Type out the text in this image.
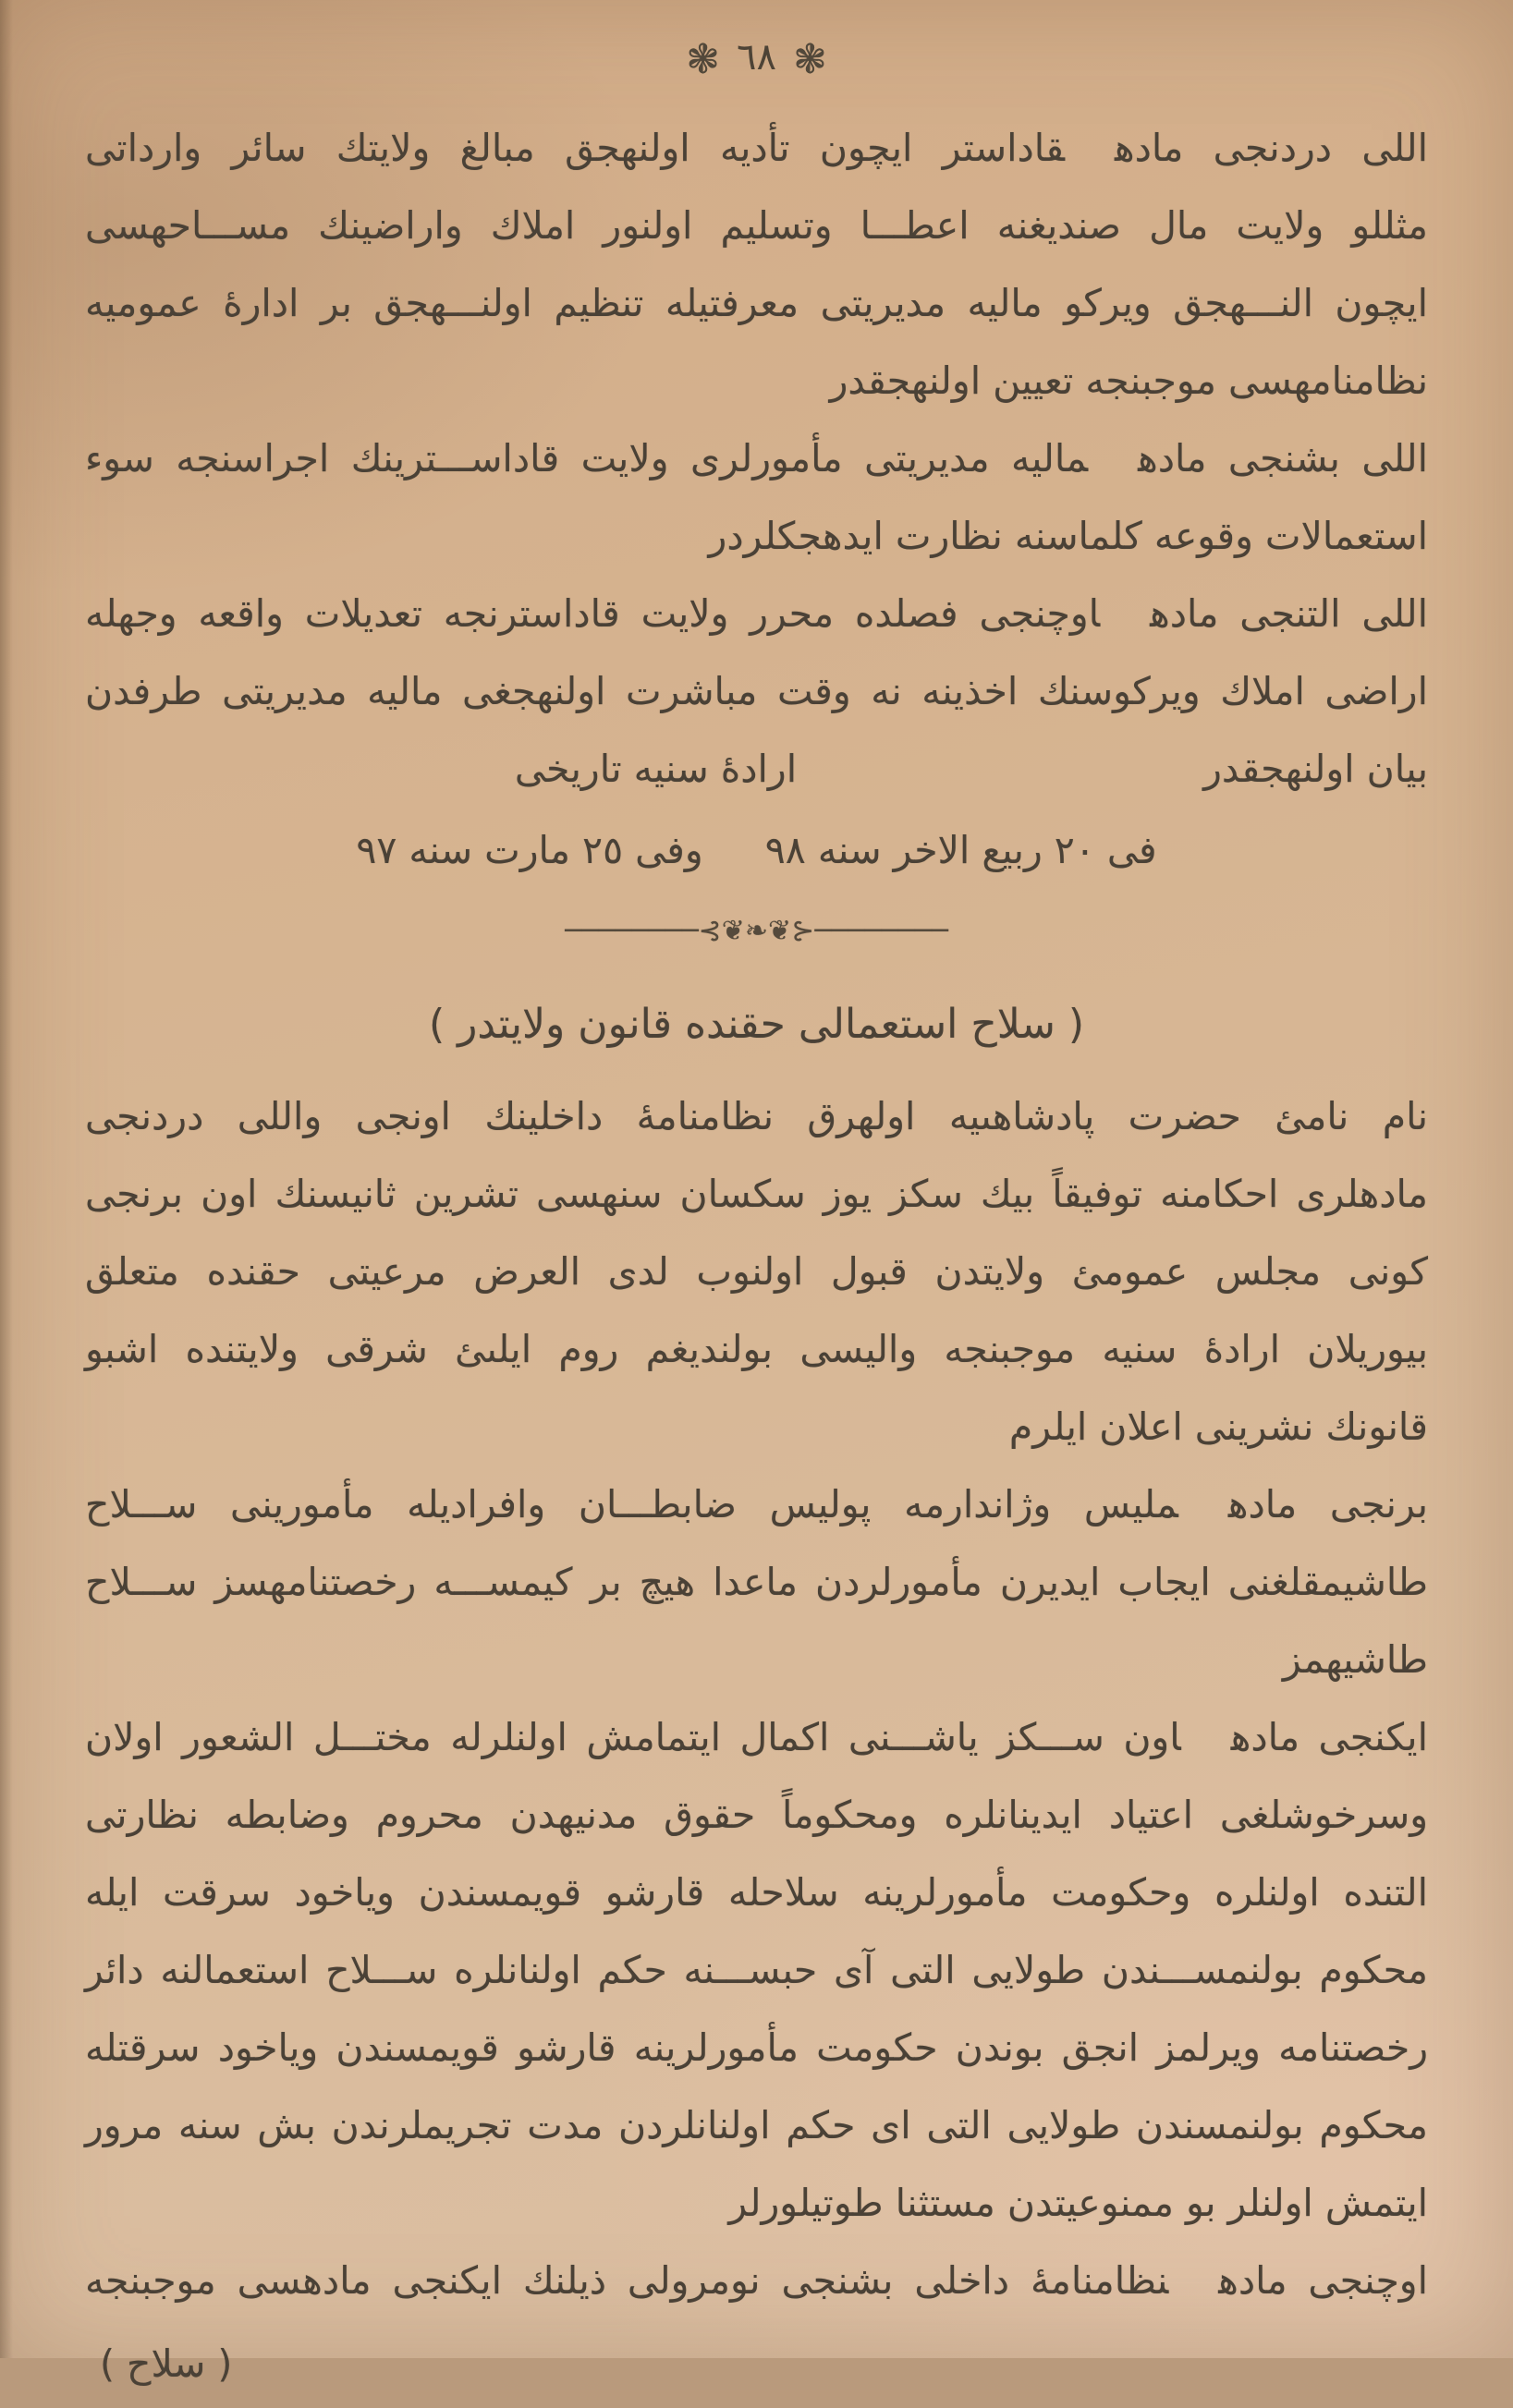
❃٦٨❃
اللى دردنجى مادهقاداستر ايچون تأديه اولنهجق مبالغ ولايتك سائر وارداتى
مثللو ولايت مال صنديغنه اعطـــا وتسليم اولنور املاك واراضينك مســـاحهسى
ايچون النـــهجق ويركو ماليه مديريتى معرفتيله تنظيم اولنـــهجق بر ادارهٔ عموميه
نظامنامهسى موجبنجه تعيين اولنهجقدر
اللى بشنجى مادهماليه مديريتى مأمورلرى ولايت قاداســـترينك اجراسنجه سوء
استعمالات وقوعه كلماسنه نظارت ايدهجكلردر
اللى التنجى مادهاوچنجى فصلده محرر ولايت قاداسترنجه تعديلات واقعه وجهله
اراضى املاك ويركوسنك اخذينه نه وقت مباشرت اولنهجغى ماليه مديريتى طرفدن
بيان اولنهجقدر
ارادهٔ سنيه تاريخى
فى ٢٠ ربيع الاخر سنه ٩٨   وفى ٢٥ مارت سنه ٩٧
────────⊰❦❧❦⊱────────
( سلاح استعمالى حقنده قانون ولايتدر )
نام نامئ حضرت پادشاهىيه اولهرق نظامنامهٔ داخلينك اونجى واللى دردنجى
مادهلرى احكامنه توفيقاً بيك سكز يوز سكسان سنهسى تشرين ثانيسنك اون برنجى
كونى مجلس عمومئ ولايتدن قبول اولنوب لدى العرض مرعيتى حقنده متعلق
بيوريلان ارادهٔ سنيه موجبنجه واليسى بولنديغم روم ايلىئ شرقى ولايتنده اشبو
قانونك نشرينى اعلان ايلرم
برنجى مادهمليس وژاندارمه پوليس ضابطـــان وافراديله مأمورينى ســـلاح
طاشيمقلغنى ايجاب ايديرن مأمورلردن ماعدا هيچ بر كيمســـه رخصتنامهسز ســـلاح
طاشيهمز
ايكنجى مادهاون ســـكز ياشـــنى اكمال ايتمامش اولنلرله مختـــل الشعور اولان
وسرخوشلغى اعتياد ايدينانلره ومحكوماً حقوق مدنيهدن محروم وضابطه نظارتى
التنده اولنلره وحكومت مأمورلرينه سلاحله قارشو قويمسندن وياخود سرقت ايله
محكوم بولنمســـندن طولايى التى آى حبســـنه حكم اولنانلره ســـلاح استعمالنه دائر
رخصتنامه ويرلمز انجق بوندن حكومت مأمورلرينه قارشو قويمسندن وياخود سرقتله
محكوم بولنمسندن طولايى التى اى حكم اولنانلردن مدت تجريملرندن بش سنه مرور
ايتمش اولنلر بو ممنوعيتدن مستثنا طوتيلورلر
اوچنجى مادهنظامنامهٔ داخلى بشنجى نومرولى ذيلنك ايكنجى مادهسى موجبنجه
( سلاح )
